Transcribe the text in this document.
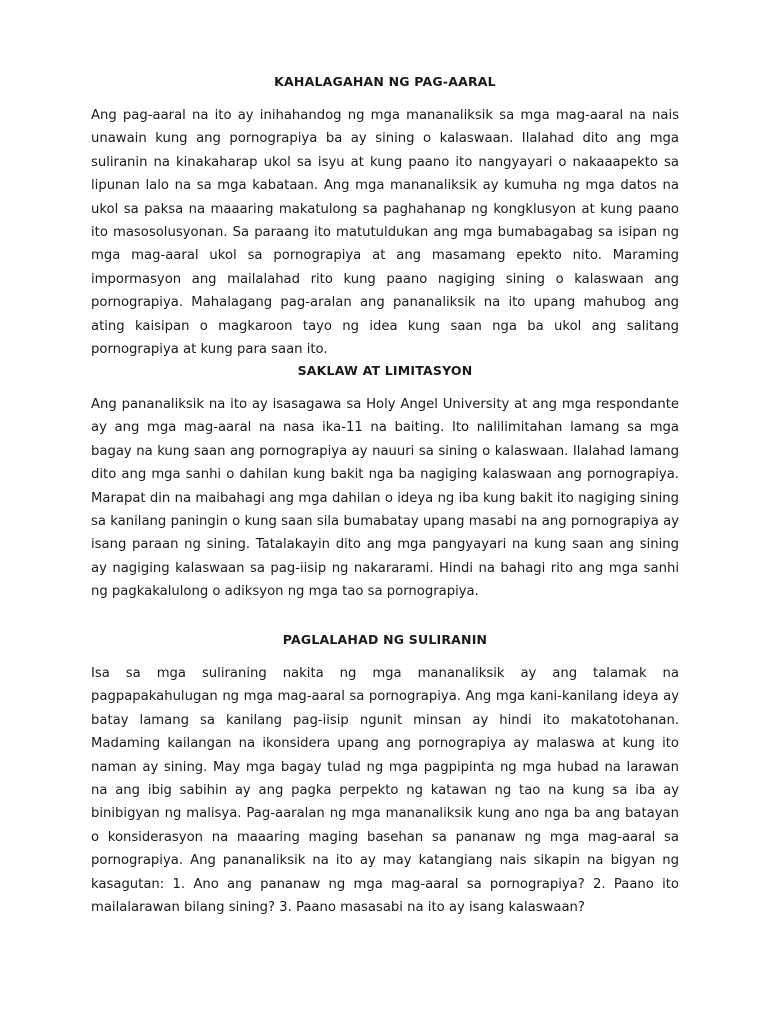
KAHALAGAHAN NG PAG-AARAL

Ang pag-aaral na ito ay inihahandog ng mga mananaliksik sa mga mag-aaral na nais unawain kung ang pornograpiya ba ay sining o kalaswaan. Ilalahad dito ang mga suliranin na kinakaharap ukol sa isyu at kung paano ito nangyayari o nakaaapekto sa lipunan lalo na sa mga kabataan. Ang mga mananaliksik ay kumuha ng mga datos na ukol sa paksa na maaaring makatulong sa paghahanap ng kongklusyon at kung paano ito masosolusyonan. Sa paraang ito matutuldukan ang mga bumabagabag sa isipan ng mga mag-aaral ukol sa pornograpiya at ang masamang epekto nito. Maraming impormasyon ang mailalahad rito kung paano nagiging sining o kalaswaan ang pornograpiya. Mahalagang pag-aralan ang pananaliksik na ito upang mahubog ang ating kaisipan o magkaroon tayo ng idea kung saan nga ba ukol ang salitang pornograpiya at kung para saan ito.

SAKLAW AT LIMITASYON

Ang pananaliksik na ito ay isasagawa sa Holy Angel University at ang mga respondante ay ang mga mag-aaral na nasa ika-11 na baiting. Ito nalilimitahan lamang sa mga bagay na kung saan ang pornograpiya ay nauuri sa sining o kalaswaan. Ilalahad lamang dito ang mga sanhi o dahilan kung bakit nga ba nagiging kalaswaan ang pornograpiya. Marapat din na maibahagi ang mga dahilan o ideya ng iba kung bakit ito nagiging sining sa kanilang paningin o kung saan sila bumabatay upang masabi na ang pornograpiya ay isang paraan ng sining. Tatalakayin dito ang mga pangyayari na kung saan ang sining ay nagiging kalaswaan sa pag-iisip ng nakararami. Hindi na bahagi rito ang mga sanhi ng pagkakalulong o adiksyon ng mga tao sa pornograpiya.

PAGLALAHAD NG SULIRANIN

Isa sa mga suliraning nakita ng mga mananaliksik ay ang talamak na pagpapakahulugan ng mga mag-aaral sa pornograpiya. Ang mga kani-kanilang ideya ay batay lamang sa kanilang pag-iisip ngunit minsan ay hindi ito makatotohanan. Madaming kailangan na ikonsidera upang ang pornograpiya ay malaswa at kung ito naman ay sining. May mga bagay tulad ng mga pagpipinta ng mga hubad na larawan na ang ibig sabihin ay ang pagka perpekto ng katawan ng tao na kung sa iba ay binibigyan ng malisya. Pag-aaralan ng mga mananaliksik kung ano nga ba ang batayan o konsiderasyon na maaaring maging basehan sa pananaw ng mga mag-aaral sa pornograpiya. Ang pananaliksik na ito ay may katangiang nais sikapin na bigyan ng kasagutan: 1. Ano ang pananaw ng mga mag-aaral sa pornograpiya? 2. Paano ito mailalarawan bilang sining? 3. Paano masasabi na ito ay isang kalaswaan?
